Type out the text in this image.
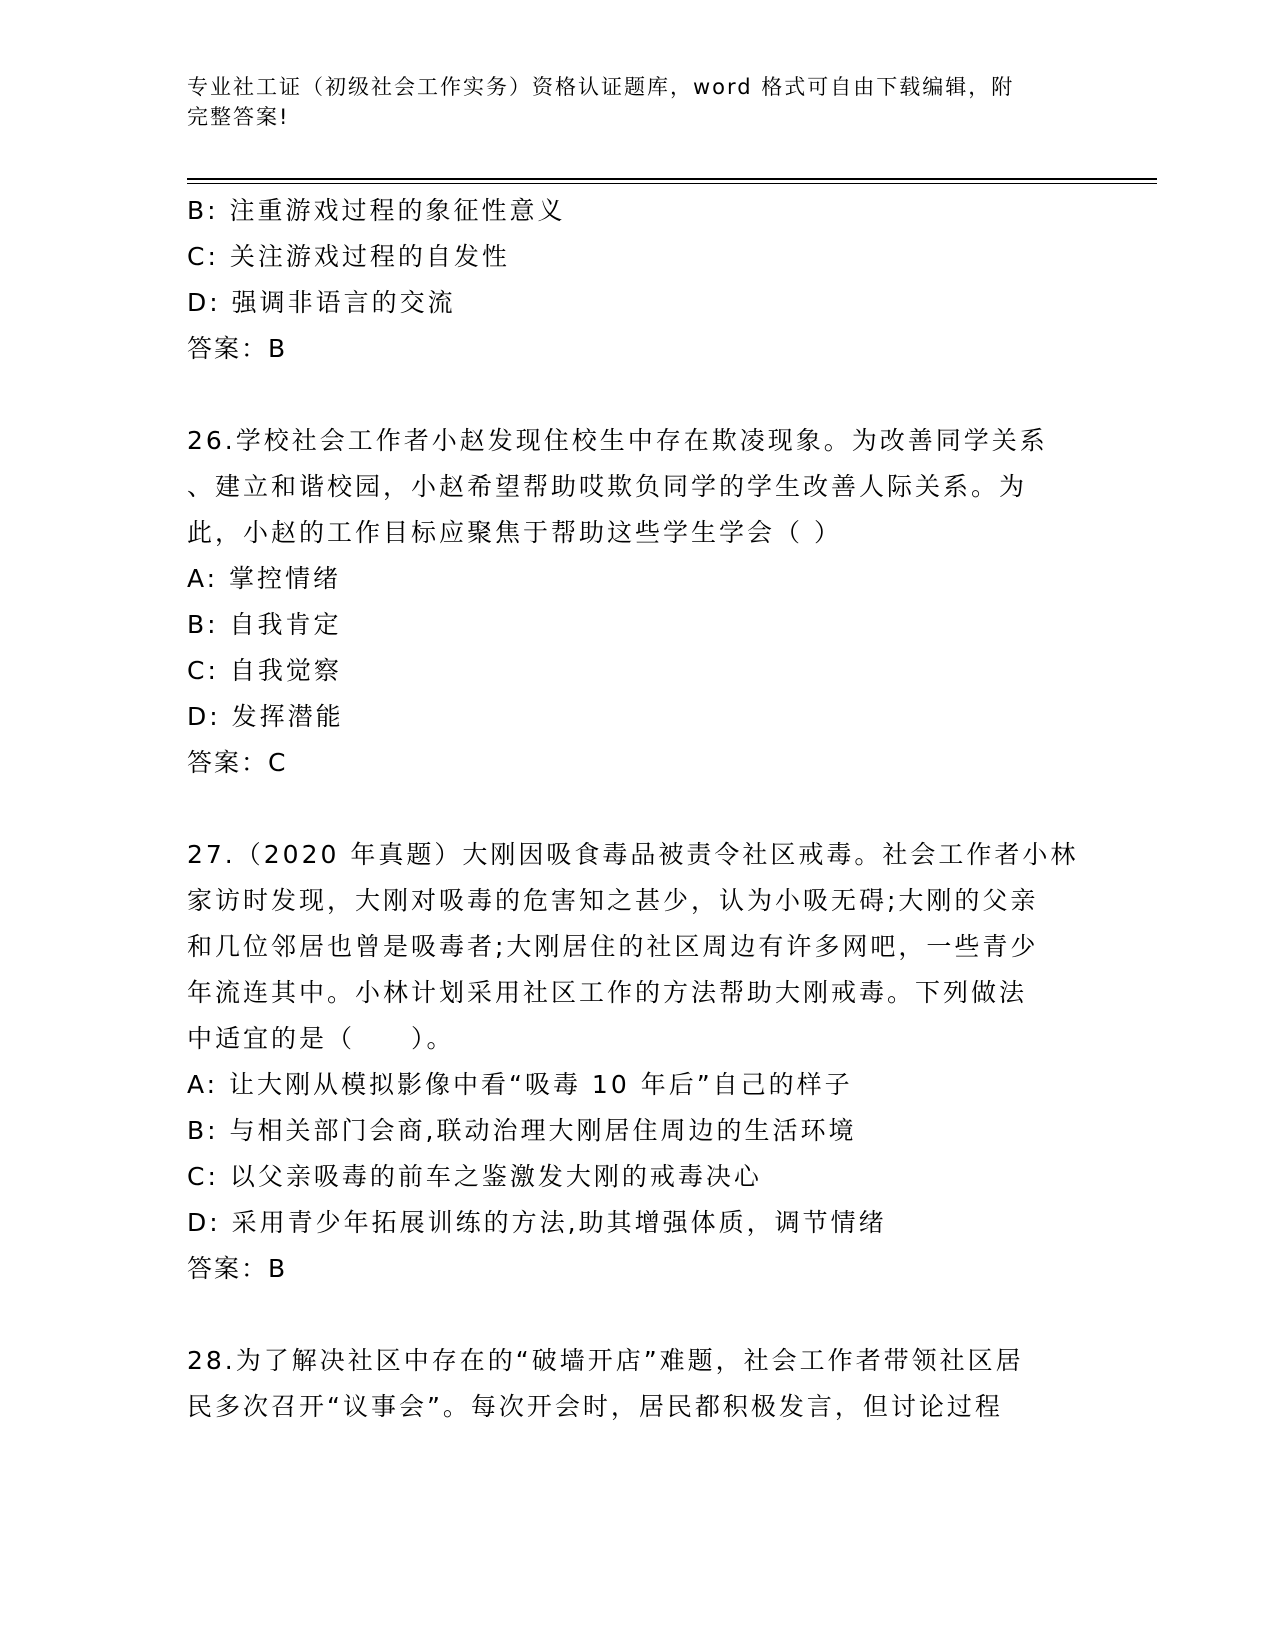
专业社工证（初级社会工作实务）资格认证题库，word 格式可自由下载编辑，附
完整答案!
B: 注重游戏过程的象征性意义
C: 关注游戏过程的自发性
D: 强调非语言的交流
答案：B
26.学校社会工作者小赵发现住校生中存在欺凌现象。为改善同学关系
、建立和谐校园，小赵希望帮助哎欺负同学的学生改善人际关系。为
此，小赵的工作目标应聚焦于帮助这些学生学会（ ）
A: 掌控情绪
B: 自我肯定
C: 自我觉察
D: 发挥潜能
答案：C
27.（2020 年真题）大刚因吸食毒品被责令社区戒毒。社会工作者小林
家访时发现，大刚对吸毒的危害知之甚少，认为小吸无碍;大刚的父亲
和几位邻居也曾是吸毒者;大刚居住的社区周边有许多网吧，一些青少
年流连其中。小林计划采用社区工作的方法帮助大刚戒毒。下列做法
中适宜的是（　　）。
A: 让大刚从模拟影像中看“吸毒 10 年后”自己的样子
B: 与相关部门会商,联动治理大刚居住周边的生活环境
C: 以父亲吸毒的前车之鉴激发大刚的戒毒决心
D: 采用青少年拓展训练的方法,助其增强体质，调节情绪
答案：B
28.为了解决社区中存在的“破墙开店”难题，社会工作者带领社区居
民多次召开“议事会”。每次开会时，居民都积极发言，但讨论过程
